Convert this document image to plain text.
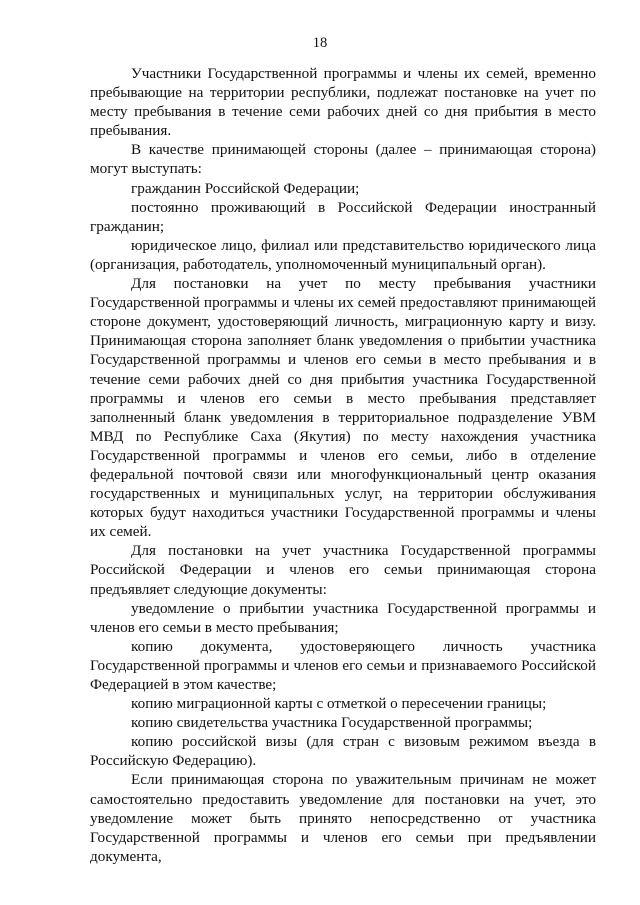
18

Участники Государственной программы и члены их семей, временно пребывающие на территории республики, подлежат постановке на учет по месту пребывания в течение семи рабочих дней со дня прибытия в место пребывания.

В качестве принимающей стороны (далее – принимающая сторона) могут выступать:

гражданин Российской Федерации;

постоянно проживающий в Российской Федерации иностранный гражданин;

юридическое лицо, филиал или представительство юридического лица (организация, работодатель, уполномоченный муниципальный орган).

Для постановки на учет по месту пребывания участники Государственной программы и члены их семей предоставляют принимающей стороне документ, удостоверяющий личность, миграционную карту и визу. Принимающая сторона заполняет бланк уведомления о прибытии участника Государственной программы и членов его семьи в место пребывания и в течение семи рабочих дней со дня прибытия участника Государственной программы и членов его семьи в место пребывания представляет заполненный бланк уведомления в территориальное подразделение УВМ МВД по Республике Саха (Якутия) по месту нахождения участника Государственной программы и членов его семьи, либо в отделение федеральной почтовой связи или многофункциональный центр оказания государственных и муниципальных услуг, на территории обслуживания которых будут находиться участники Государственной программы и члены их семей.

Для постановки на учет участника Государственной программы Российской Федерации и членов его семьи принимающая сторона предъявляет следующие документы:

уведомление о прибытии участника Государственной программы и членов его семьи в место пребывания;

копию документа, удостоверяющего личность участника Государственной программы и членов его семьи и признаваемого Российской Федерацией в этом качестве;

копию миграционной карты с отметкой о пересечении границы;

копию свидетельства участника Государственной программы;

копию российской визы (для стран с визовым режимом въезда в Российскую Федерацию).

Если принимающая сторона по уважительным причинам не может самостоятельно предоставить уведомление для постановки на учет, это уведомление может быть принято непосредственно от участника Государственной программы и членов его семьи при предъявлении документа,
